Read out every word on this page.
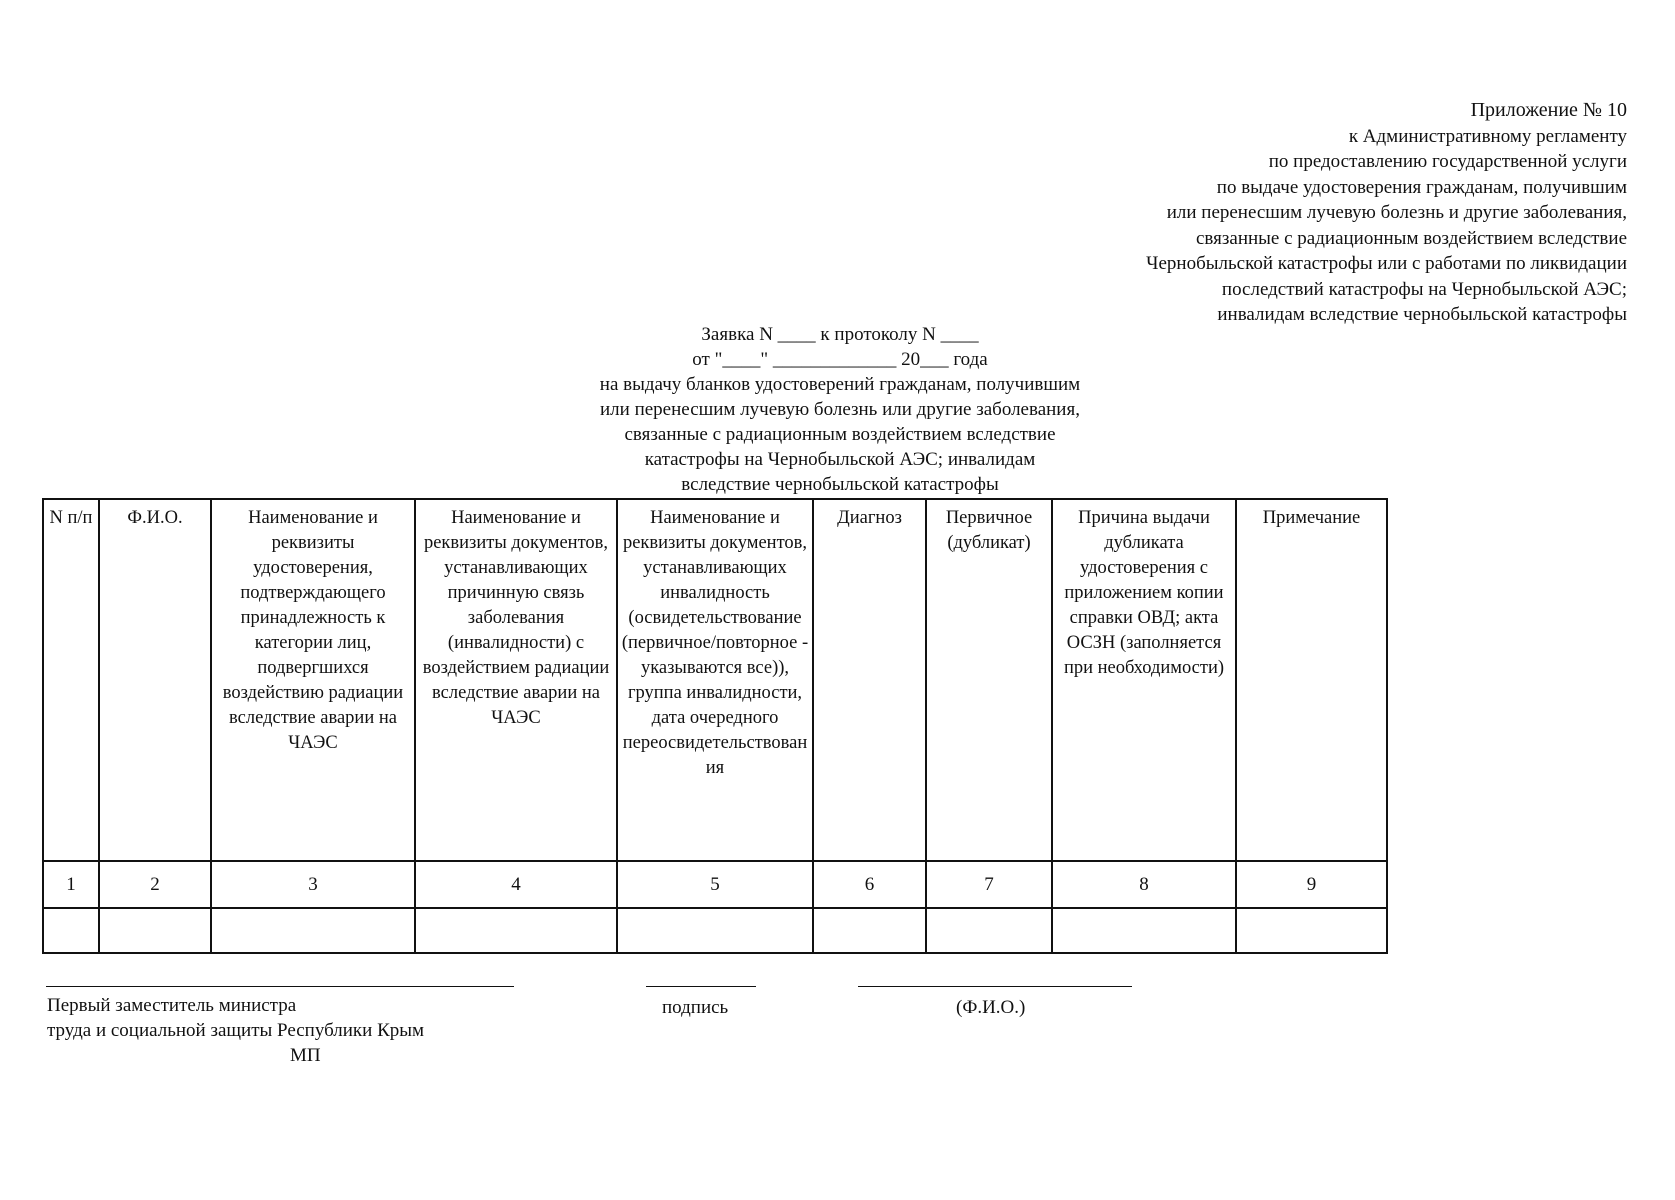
Приложение № 10
к Административному регламенту
по предоставлению государственной услуги
по выдаче удостоверения гражданам, получившим
или перенесшим лучевую болезнь и другие заболевания,
связанные с радиационным воздействием вследствие
Чернобыльской катастрофы или с работами по ликвидации
последствий катастрофы на Чернобыльской АЭС;
инвалидам вследствие чернобыльской катастрофы
Заявка N ____ к протоколу N ____
от "____" _____________ 20___ года
на выдачу бланков удостоверений гражданам, получившим
или перенесшим лучевую болезнь или другие заболевания,
связанные с радиационным воздействием вследствие
катастрофы на Чернобыльской АЭС; инвалидам
вследствие чернобыльской катастрофы
N п/п	Ф.И.О.	Наименование и реквизиты удостоверения, подтверждающего принадлежность к категории лиц, подвергшихся воздействию радиации вследствие аварии на ЧАЭС	Наименование и реквизиты документов, устанавливающих причинную связь заболевания (инвалидности) с воздействием радиации вследствие аварии на ЧАЭС	Наименование и реквизиты документов, устанавливающих инвалидность (освидетельствование (первичное/повторное - указываются все)), группа инвалидности, дата очередного переосвидетельствования	Диагноз	Первичное (дубликат)	Причина выдачи дубликата удостоверения с приложением копии справки ОВД; акта ОСЗН (заполняется при необходимости)	Примечание
1	2	3	4	5	6	7	8	9

Первый заместитель министра
труда и социальной защиты Республики Крым
МП
подпись	(Ф.И.О.)
